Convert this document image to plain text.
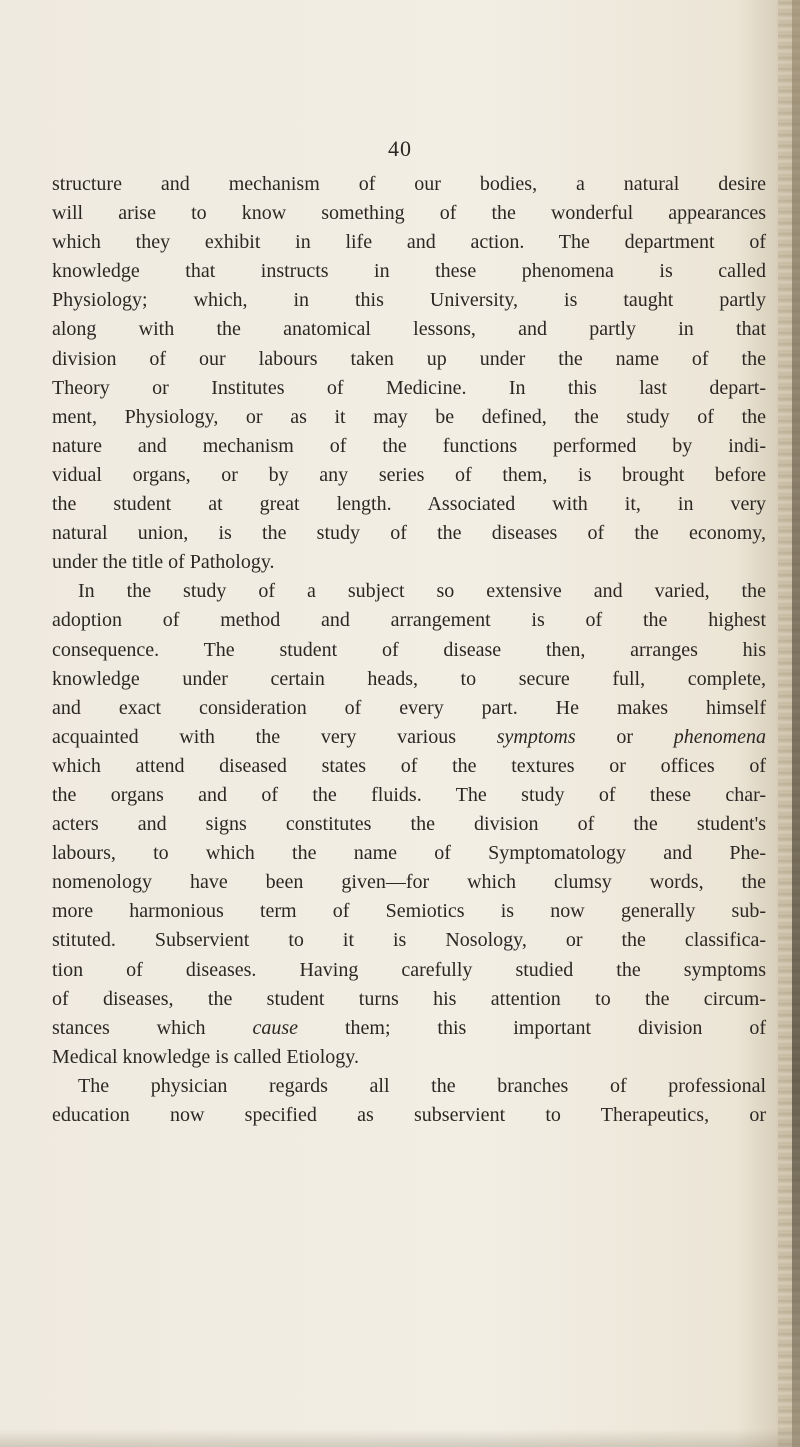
40
structure and mechanism of our bodies, a natural desire
will arise to know something of the wonderful appearances
which they exhibit in life and action. The department of
knowledge that instructs in these phenomena is called
Physiology; which, in this University, is taught partly
along with the anatomical lessons, and partly in that
division of our labours taken up under the name of the
Theory or Institutes of Medicine. In this last depart-
ment, Physiology, or as it may be defined, the study of the
nature and mechanism of the functions performed by indi-
vidual organs, or by any series of them, is brought before
the student at great length. Associated with it, in very
natural union, is the study of the diseases of the economy,
under the title of Pathology.
In the study of a subject so extensive and varied, the
adoption of method and arrangement is of the highest
consequence. The student of disease then, arranges his
knowledge under certain heads, to secure full, complete,
and exact consideration of every part. He makes himself
acquainted with the very various symptoms or phenomena
which attend diseased states of the textures or offices of
the organs and of the fluids. The study of these char-
acters and signs constitutes the division of the student's
labours, to which the name of Symptomatology and Phe-
nomenology have been given—for which clumsy words, the
more harmonious term of Semiotics is now generally sub-
stituted. Subservient to it is Nosology, or the classifica-
tion of diseases. Having carefully studied the symptoms
of diseases, the student turns his attention to the circum-
stances which cause them; this important division of
Medical knowledge is called Etiology.
The physician regards all the branches of professional
education now specified as subservient to Therapeutics, or
